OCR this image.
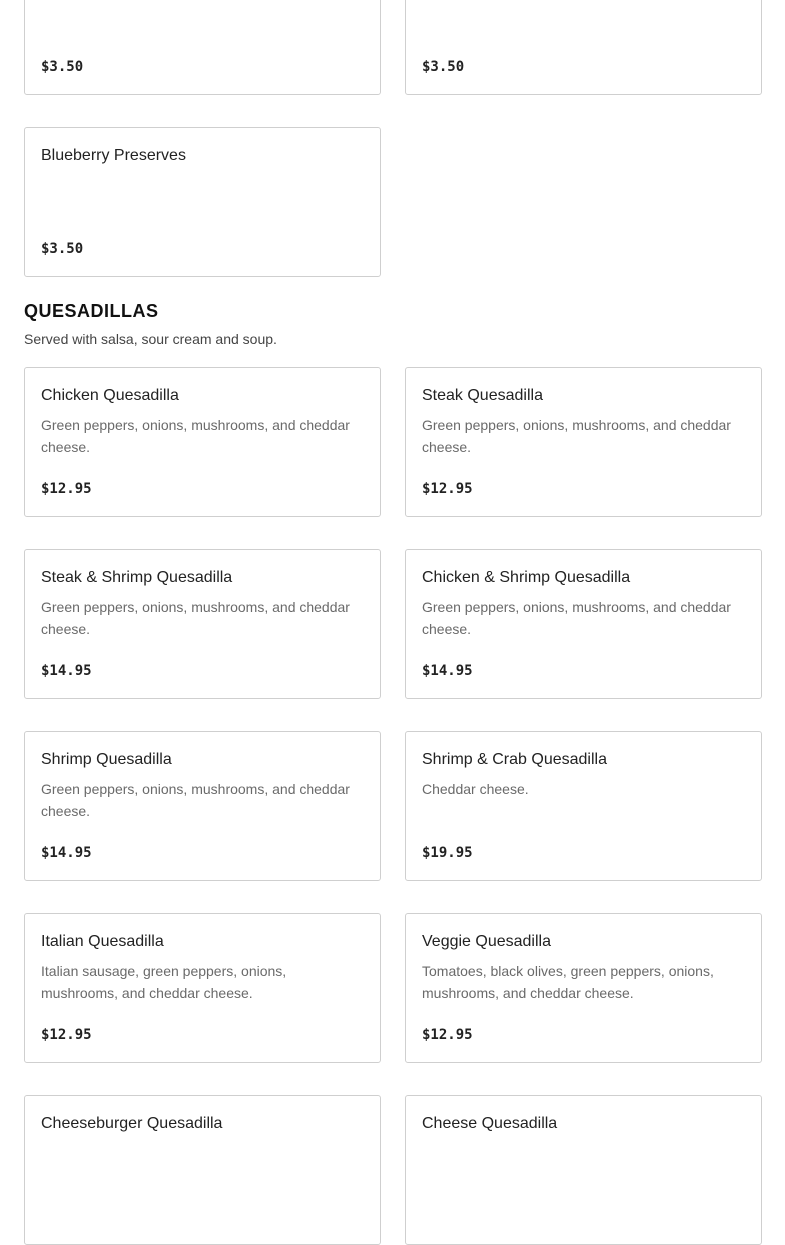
$3.50	$3.50
Blueberry Preserves
$3.50
QUESADILLAS
Served with salsa, sour cream and soup.
Chicken Quesadilla
Green peppers, onions, mushrooms, and cheddar cheese.
$12.95
Steak Quesadilla
Green peppers, onions, mushrooms, and cheddar cheese.
$12.95
Steak & Shrimp Quesadilla
Green peppers, onions, mushrooms, and cheddar cheese.
$14.95
Chicken & Shrimp Quesadilla
Green peppers, onions, mushrooms, and cheddar cheese.
$14.95
Shrimp Quesadilla
Green peppers, onions, mushrooms, and cheddar cheese.
$14.95
Shrimp & Crab Quesadilla
Cheddar cheese.
$19.95
Italian Quesadilla
Italian sausage, green peppers, onions, mushrooms, and cheddar cheese.
$12.95
Veggie Quesadilla
Tomatoes, black olives, green peppers, onions, mushrooms, and cheddar cheese.
$12.95
Cheeseburger Quesadilla	Cheese Quesadilla
